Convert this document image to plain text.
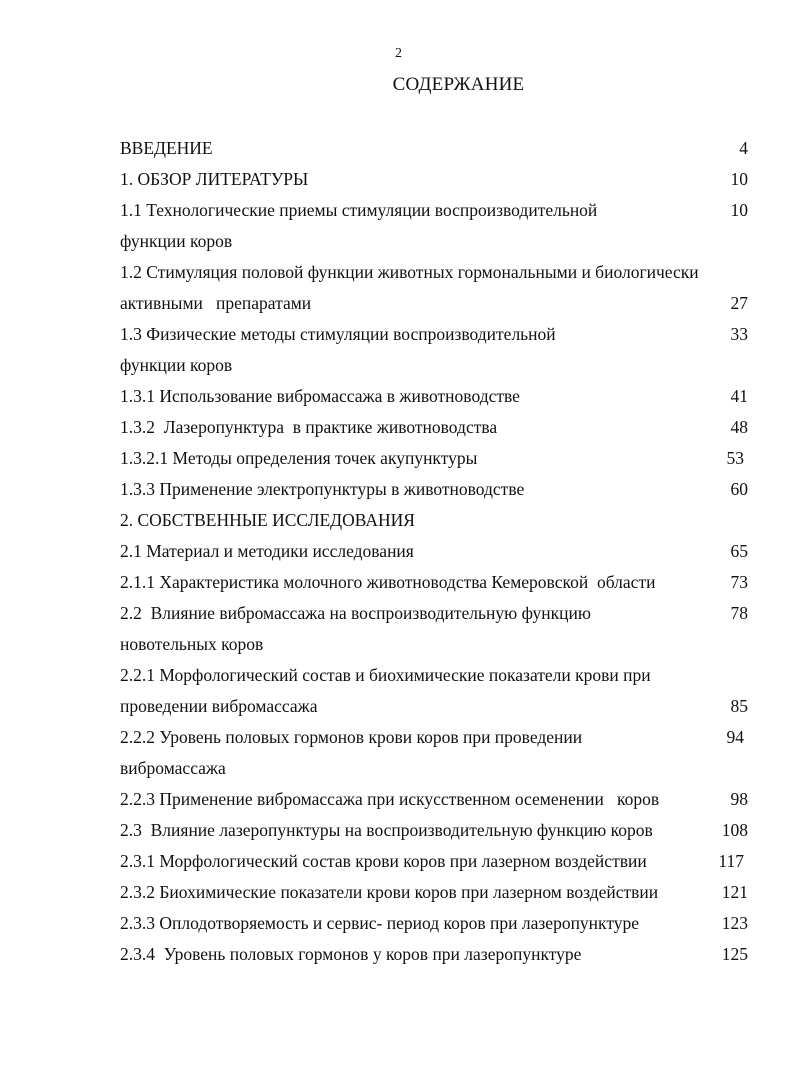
2
СОДЕРЖАНИЕ
ВВЕДЕНИЕ	4
1. ОБЗОР ЛИТЕРАТУРЫ	10
1.1 Технологические приемы стимуляции воспроизводительной	10
функции коров
1.2 Стимуляция половой функции животных гормональными и биологически
активными   препаратами	27
1.3 Физические методы стимуляции воспроизводительной	33
функции коров
1.3.1 Использование вибромассажа в животноводстве	41
1.3.2  Лазеропунктура  в практике животноводства	48
1.3.2.1 Методы определения точек акупунктуры	53
1.3.3 Применение электропунктуры в животноводстве	60
2. СОБСТВЕННЫЕ ИССЛЕДОВАНИЯ
2.1 Материал и методики исследования	65
2.1.1 Характеристика молочного животноводства Кемеровской  области	73
2.2  Влияние вибромассажа на воспроизводительную функцию	78
новотельных коров
2.2.1 Морфологический состав и биохимические показатели крови при
проведении вибромассажа	85
2.2.2 Уровень половых гормонов крови коров при проведении	94
вибромассажа
2.2.3 Применение вибромассажа при искусственном осеменении   коров	98
2.3  Влияние лазеропунктуры на воспроизводительную функцию коров	108
2.3.1 Морфологический состав крови коров при лазерном воздействии	117
2.3.2 Биохимические показатели крови коров при лазерном воздействии	121
2.3.3 Оплодотворяемость и сервис- период коров при лазеропунктуре	123
2.3.4  Уровень половых гормонов у коров при лазеропунктуре	125
